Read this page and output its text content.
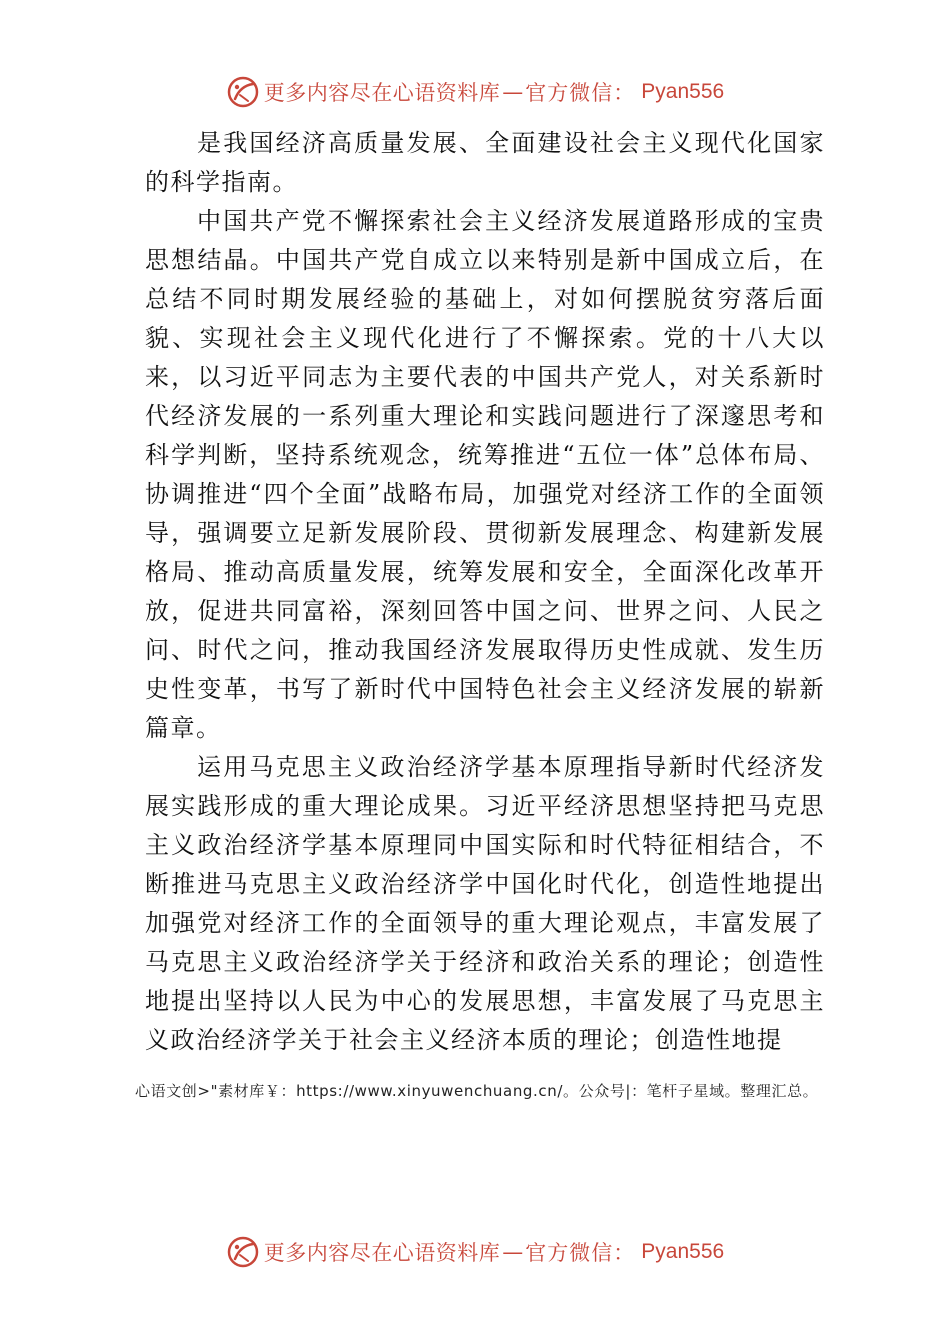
更多内容尽在心语资料库 — 官方微信： Pyan556

是我国经济高质量发展、全面建设社会主义现代化国家的科学指南。

中国共产党不懈探索社会主义经济发展道路形成的宝贵思想结晶。中国共产党自成立以来特别是新中国成立后，在总结不同时期发展经验的基础上，对如何摆脱贫穷落后面貌、实现社会主义现代化进行了不懈探索。党的十八大以来，以习近平同志为主要代表的中国共产党人，对关系新时代经济发展的一系列重大理论和实践问题进行了深邃思考和科学判断，坚持系统观念，统筹推进“五位一体”总体布局、协调推进“四个全面”战略布局，加强党对经济工作的全面领导，强调要立足新发展阶段、贯彻新发展理念、构建新发展格局、推动高质量发展，统筹发展和安全，全面深化改革开放，促进共同富裕，深刻回答中国之问、世界之问、人民之问、时代之问，推动我国经济发展取得历史性成就、发生历史性变革，书写了新时代中国特色社会主义经济发展的崭新篇章。

运用马克思主义政治经济学基本原理指导新时代经济发展实践形成的重大理论成果。习近平经济思想坚持把马克思主义政治经济学基本原理同中国实际和时代特征相结合，不断推进马克思主义政治经济学中国化时代化，创造性地提出加强党对经济工作的全面领导的重大理论观点，丰富发展了马克思主义政治经济学关于经济和政治关系的理论；创造性地提出坚持以人民为中心的发展思想，丰富发展了马克思主义政治经济学关于社会主义经济本质的理论；创造性地提

心语文创>"素材库￥：https://www.xinyuwenchuang.cn/。公众号|：笔杆子星域。整理汇总。
更多内容尽在心语资料库 — 官方微信： Pyan556
